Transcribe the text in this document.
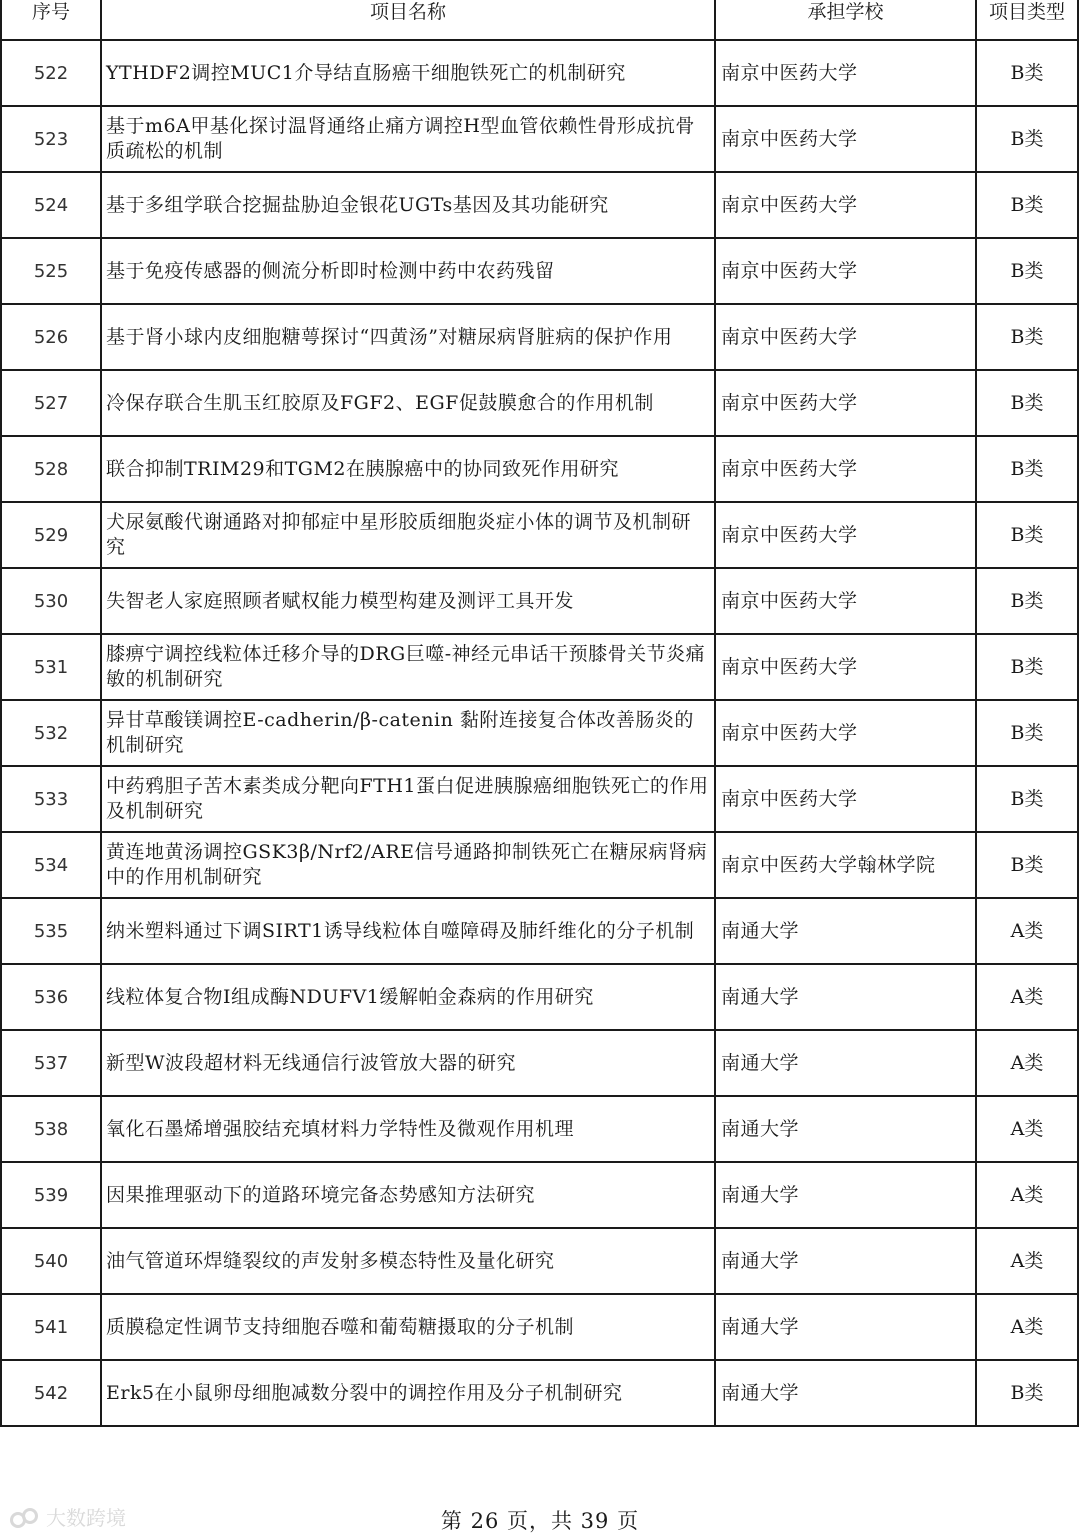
序号	项目名称	承担学校	项目类型
522	YTHDF2调控MUC1介导结直肠癌干细胞铁死亡的机制研究	南京中医药大学	B类
523	基于m6A甲基化探讨温肾通络止痛方调控H型血管依赖性骨形成抗骨质疏松的机制	南京中医药大学	B类
524	基于多组学联合挖掘盐胁迫金银花UGTs基因及其功能研究	南京中医药大学	B类
525	基于免疫传感器的侧流分析即时检测中药中农药残留	南京中医药大学	B类
526	基于肾小球内皮细胞糖萼探讨“四黄汤”对糖尿病肾脏病的保护作用	南京中医药大学	B类
527	冷保存联合生肌玉红胶原及FGF2、EGF促鼓膜愈合的作用机制	南京中医药大学	B类
528	联合抑制TRIM29和TGM2在胰腺癌中的协同致死作用研究	南京中医药大学	B类
529	犬尿氨酸代谢通路对抑郁症中星形胶质细胞炎症小体的调节及机制研究	南京中医药大学	B类
530	失智老人家庭照顾者赋权能力模型构建及测评工具开发	南京中医药大学	B类
531	膝痹宁调控线粒体迁移介导的DRG巨噬-神经元串话干预膝骨关节炎痛敏的机制研究	南京中医药大学	B类
532	异甘草酸镁调控E-cadherin/β-catenin 黏附连接复合体改善肠炎的机制研究	南京中医药大学	B类
533	中药鸦胆子苦木素类成分靶向FTH1蛋白促进胰腺癌细胞铁死亡的作用及机制研究	南京中医药大学	B类
534	黄连地黄汤调控GSK3β/Nrf2/ARE信号通路抑制铁死亡在糖尿病肾病中的作用机制研究	南京中医药大学翰林学院	B类
535	纳米塑料通过下调SIRT1诱导线粒体自噬障碍及肺纤维化的分子机制	南通大学	A类
536	线粒体复合物I组成酶NDUFV1缓解帕金森病的作用研究	南通大学	A类
537	新型W波段超材料无线通信行波管放大器的研究	南通大学	A类
538	氧化石墨烯增强胶结充填材料力学特性及微观作用机理	南通大学	A类
539	因果推理驱动下的道路环境完备态势感知方法研究	南通大学	A类
540	油气管道环焊缝裂纹的声发射多模态特性及量化研究	南通大学	A类
541	质膜稳定性调节支持细胞吞噬和葡萄糖摄取的分子机制	南通大学	A类
542	Erk5在小鼠卵母细胞减数分裂中的调控作用及分子机制研究	南通大学	B类
大数跨境	第 26 页，共 39 页
